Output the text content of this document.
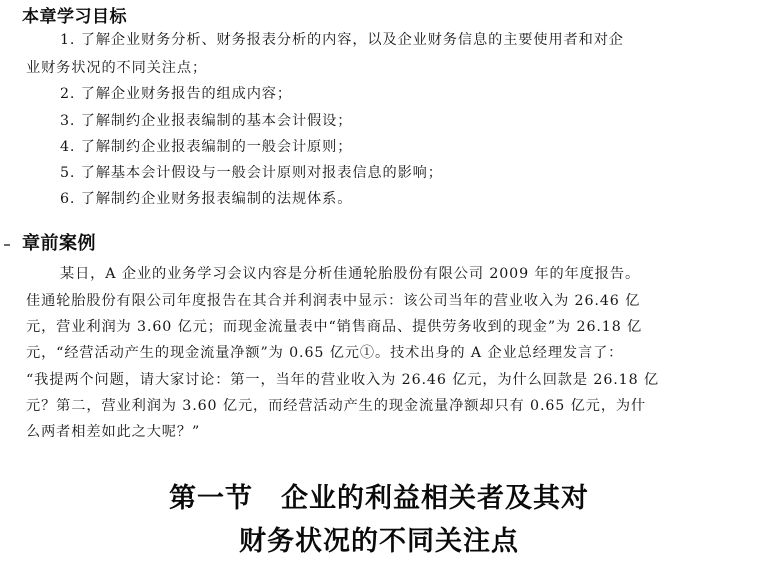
本章学习目标
1. 了解企业财务分析、财务报表分析的内容，以及企业财务信息的主要使用者和对企
业财务状况的不同关注点；
2. 了解企业财务报告的组成内容；
3. 了解制约企业报表编制的基本会计假设；
4. 了解制约企业报表编制的一般会计原则；
5. 了解基本会计假设与一般会计原则对报表信息的影响；
6. 了解制约企业财务报表编制的法规体系。
章前案例
某日，A 企业的业务学习会议内容是分析佳通轮胎股份有限公司 2009 年的年度报告。
佳通轮胎股份有限公司年度报告在其合并利润表中显示：该公司当年的营业收入为 26.46 亿
元，营业利润为 3.60 亿元；而现金流量表中“销售商品、提供劳务收到的现金”为 26.18 亿
元，“经营活动产生的现金流量净额”为 0.65 亿元①。技术出身的 A 企业总经理发言了：
“我提两个问题，请大家讨论：第一，当年的营业收入为 26.46 亿元，为什么回款是 26.18 亿
元？第二，营业利润为 3.60 亿元，而经营活动产生的现金流量净额却只有 0.65 亿元，为什
么两者相差如此之大呢？”
第一节　企业的利益相关者及其对
财务状况的不同关注点
